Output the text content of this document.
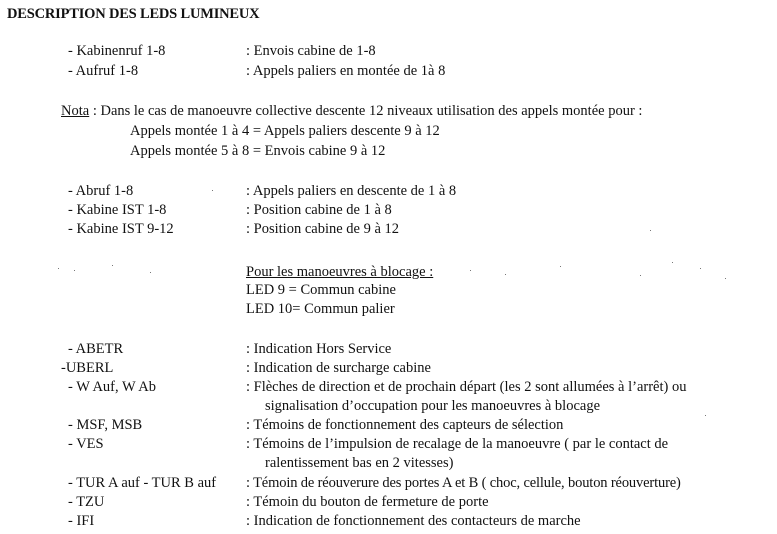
DESCRIPTION DES LEDS LUMINEUX
- Kabinenruf 1-8	: Envois cabine de 1-8
- Aufruf 1-8	: Appels paliers en montée de 1à 8
Nota : Dans le cas de manoeuvre collective descente 12 niveaux utilisation des appels montée pour :
Appels montée 1 à 4 = Appels paliers descente 9 à 12
Appels montée 5 à 8 = Envois cabine 9 à 12
- Abruf 1-8	: Appels paliers en descente de 1 à 8
- Kabine IST 1-8	: Position cabine de 1 à 8
- Kabine IST 9-12	: Position cabine de 9 à 12
Pour les manoeuvres à blocage :
LED 9 = Commun cabine
LED 10= Commun palier
- ABETR	: Indication Hors Service
-UBERL	: Indication de surcharge cabine
- W Auf, W Ab	: Flèches de direction et de prochain départ (les 2 sont allumées à l’arrêt) ou
signalisation d’occupation pour les manoeuvres à blocage
- MSF, MSB	: Témoins de fonctionnement des capteurs de sélection
- VES	: Témoins de l’impulsion de recalage de la manoeuvre ( par le contact de
ralentissement bas en 2 vitesses)
- TUR A auf - TUR B auf : Témoin de réouverure des portes A et B ( choc, cellule, bouton réouverture)
- TZU	: Témoin du bouton de fermeture de porte
- IFI	: Indication de fonctionnement des contacteurs de marche
